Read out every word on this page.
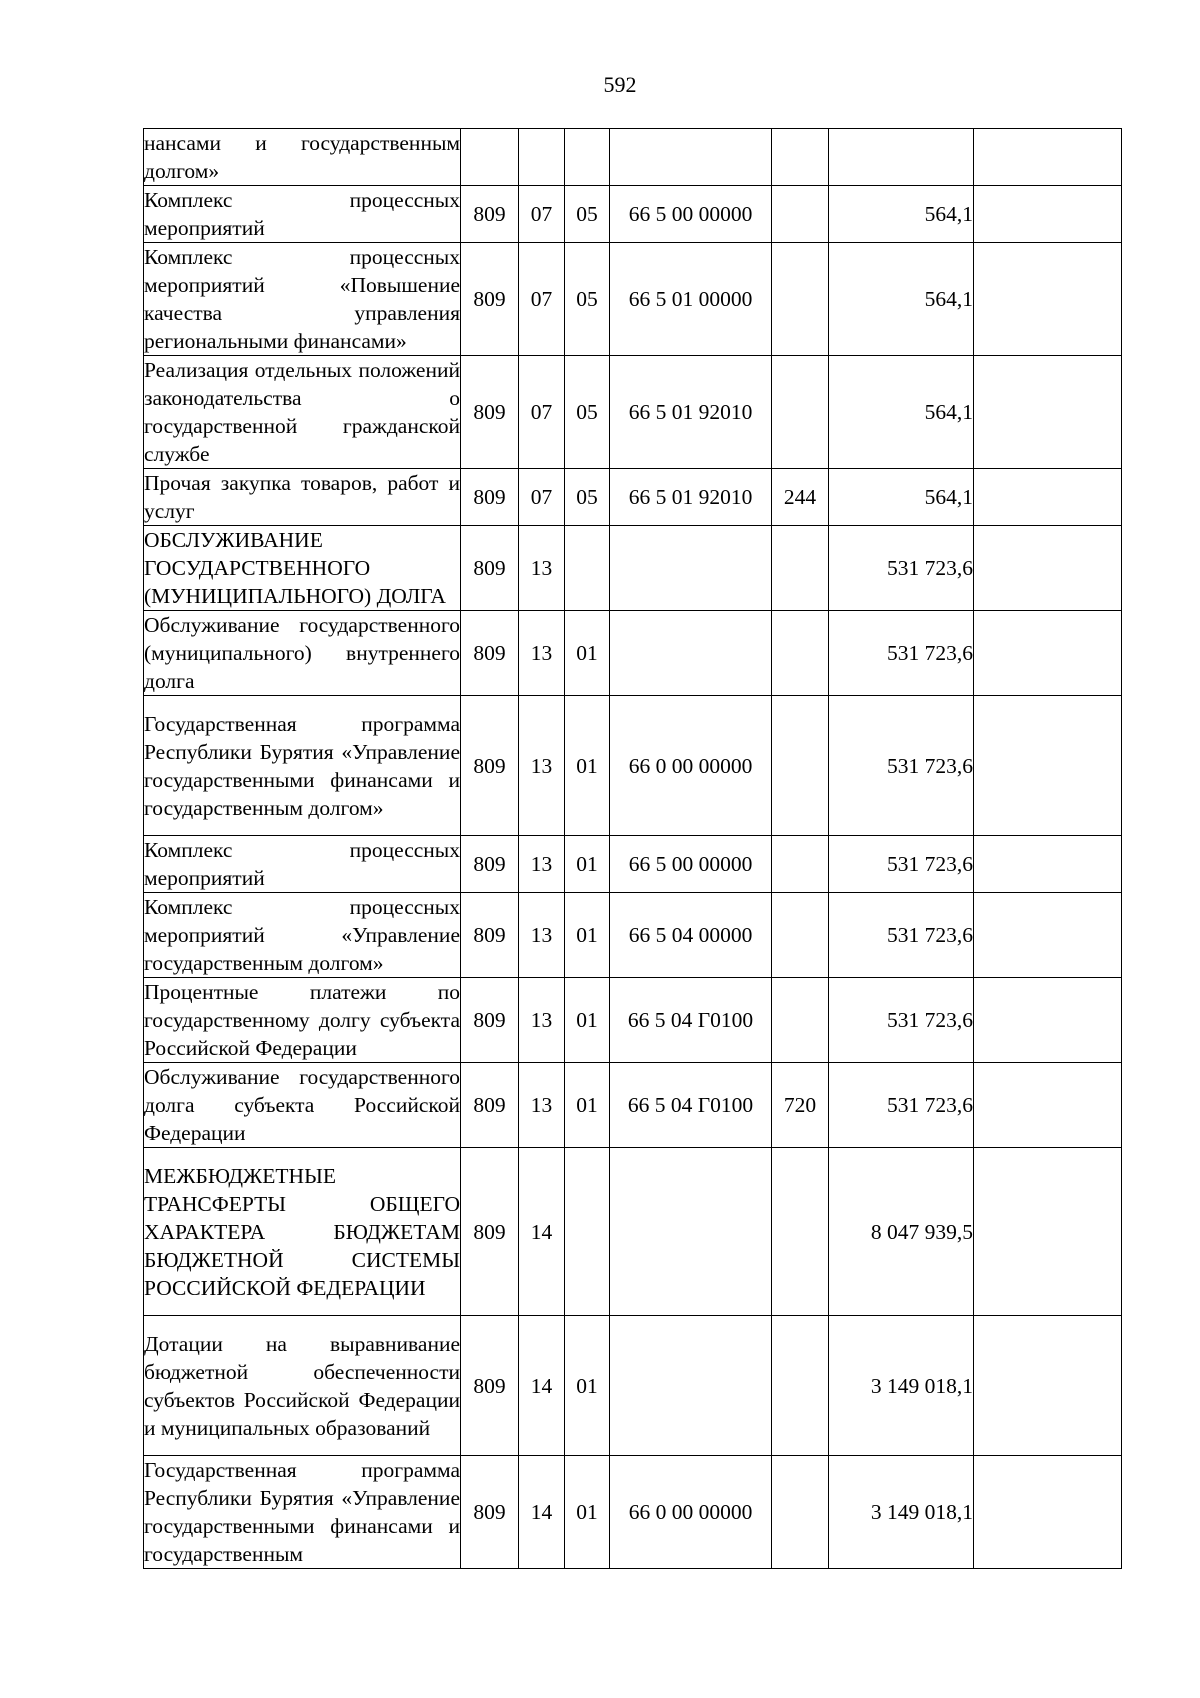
592
нансами и государственным долгом»							
Комплекс процессных мероприятий	809	07	05	66 5 00 00000		564,1	
Комплекс процессных мероприятий «Повышение качества управления региональными финансами»	809	07	05	66 5 01 00000		564,1	
Реализация отдельных положений законодательства о государственной гражданской службе	809	07	05	66 5 01 92010		564,1	
Прочая закупка товаров, работ и услуг	809	07	05	66 5 01 92010	244	564,1	
ОБСЛУЖИВАНИЕ ГОСУДАРСТВЕННОГО (МУНИЦИПАЛЬНОГО) ДОЛГА	809	13				531 723,6	
Обслуживание государственного (муниципального) внутреннего долга	809	13	01			531 723,6	
Государственная программа Республики Бурятия «Управление государственными финансами и государственным долгом»	809	13	01	66 0 00 00000		531 723,6	
Комплекс процессных мероприятий	809	13	01	66 5 00 00000		531 723,6	
Комплекс процессных мероприятий «Управление государственным долгом»	809	13	01	66 5 04 00000		531 723,6	
Процентные платежи по государственному долгу субъекта Российской Федерации	809	13	01	66 5 04 Г0100		531 723,6	
Обслуживание государственного долга субъекта Российской Федерации	809	13	01	66 5 04 Г0100	720	531 723,6	
МЕЖБЮДЖЕТНЫЕ ТРАНСФЕРТЫ ОБЩЕГО ХАРАКТЕРА БЮДЖЕТАМ БЮДЖЕТНОЙ СИСТЕМЫ РОССИЙСКОЙ ФЕДЕРАЦИИ	809	14				8 047 939,5	
Дотации на выравнивание бюджетной обеспеченности субъектов Российской Федерации и муниципальных образований	809	14	01			3 149 018,1	
Государственная программа Республики Бурятия «Управление государственными финансами и государственным	809	14	01	66 0 00 00000		3 149 018,1	
